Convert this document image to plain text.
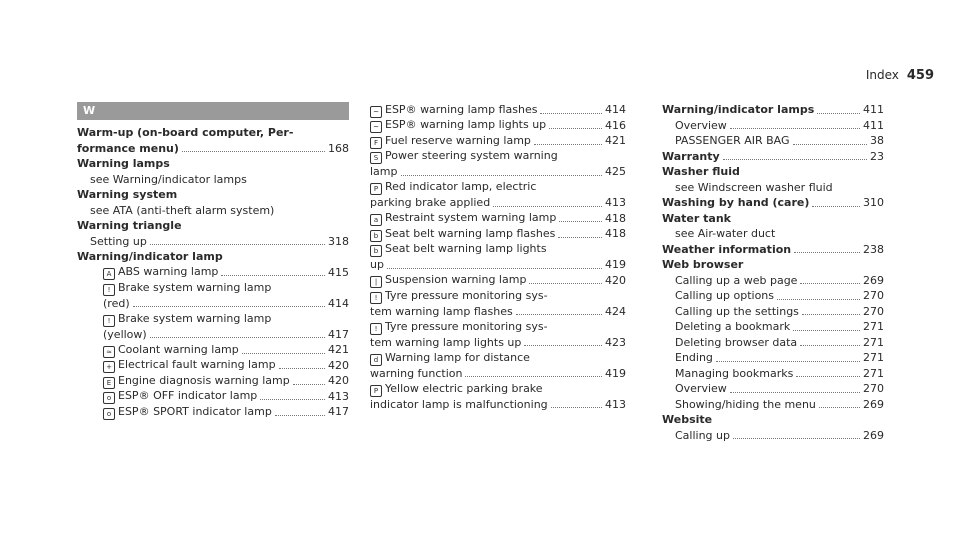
Index 459
W
Warm-up (on-board computer, Per-
formance menu)	168
Warning lamps
see Warning/indicator lamps
Warning system
see ATA (anti-theft alarm system)
Warning triangle
Setting up	318
Warning/indicator lamp
A ABS warning lamp	415
! Brake system warning lamp
(red)	414
! Brake system warning lamp
(yellow)	417
≈ Coolant warning lamp	421
+ Electrical fault warning lamp	420
E Engine diagnosis warning lamp	420
o ESP® OFF indicator lamp	413
o ESP® SPORT indicator lamp	417
~ ESP® warning lamp flashes	414
~ ESP® warning lamp lights up	416
F Fuel reserve warning lamp	421
S Power steering system warning
lamp	425
P Red indicator lamp, electric
parking brake applied	413
a Restraint system warning lamp	418
b Seat belt warning lamp flashes	418
b Seat belt warning lamp lights
up	419
| Suspension warning lamp	420
! Tyre pressure monitoring sys-
tem warning lamp flashes	424
! Tyre pressure monitoring sys-
tem warning lamp lights up	423
d Warning lamp for distance
warning function	419
P Yellow electric parking brake
indicator lamp is malfunctioning	413
Warning/indicator lamps	411
Overview	411
PASSENGER AIR BAG	38
Warranty	23
Washer fluid
see Windscreen washer fluid
Washing by hand (care)	310
Water tank
see Air-water duct
Weather information	238
Web browser
Calling up a web page	269
Calling up options	270
Calling up the settings	270
Deleting a bookmark	271
Deleting browser data	271
Ending	271
Managing bookmarks	271
Overview	270
Showing/hiding the menu	269
Website
Calling up	269
